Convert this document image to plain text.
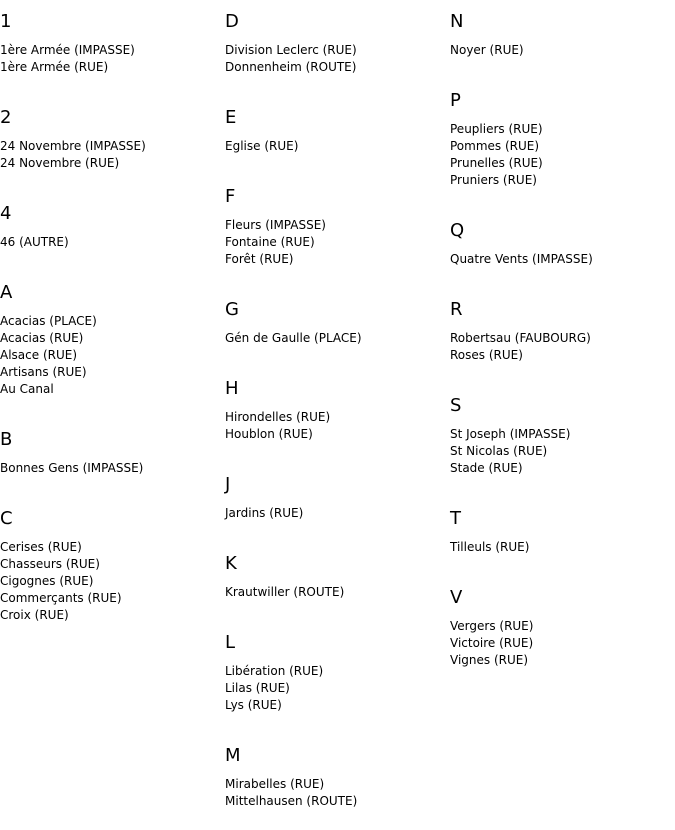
1
1ère Armée (IMPASSE)
1ère Armée (RUE)
2
24 Novembre (IMPASSE)
24 Novembre (RUE)
4
46 (AUTRE)
A
Acacias (PLACE)
Acacias (RUE)
Alsace (RUE)
Artisans (RUE)
Au Canal
B
Bonnes Gens (IMPASSE)
C
Cerises (RUE)
Chasseurs (RUE)
Cigognes (RUE)
Commerçants (RUE)
Croix (RUE)
D
Division Leclerc (RUE)
Donnenheim (ROUTE)
E
Eglise (RUE)
F
Fleurs (IMPASSE)
Fontaine (RUE)
Forêt (RUE)
G
Gén de Gaulle (PLACE)
H
Hirondelles (RUE)
Houblon (RUE)
J
Jardins (RUE)
K
Krautwiller (ROUTE)
L
Libération (RUE)
Lilas (RUE)
Lys (RUE)
M
Mirabelles (RUE)
Mittelhausen (ROUTE)
N
Noyer (RUE)
P
Peupliers (RUE)
Pommes (RUE)
Prunelles (RUE)
Pruniers (RUE)
Q
Quatre Vents (IMPASSE)
R
Robertsau (FAUBOURG)
Roses (RUE)
S
St Joseph (IMPASSE)
St Nicolas (RUE)
Stade (RUE)
T
Tilleuls (RUE)
V
Vergers (RUE)
Victoire (RUE)
Vignes (RUE)
